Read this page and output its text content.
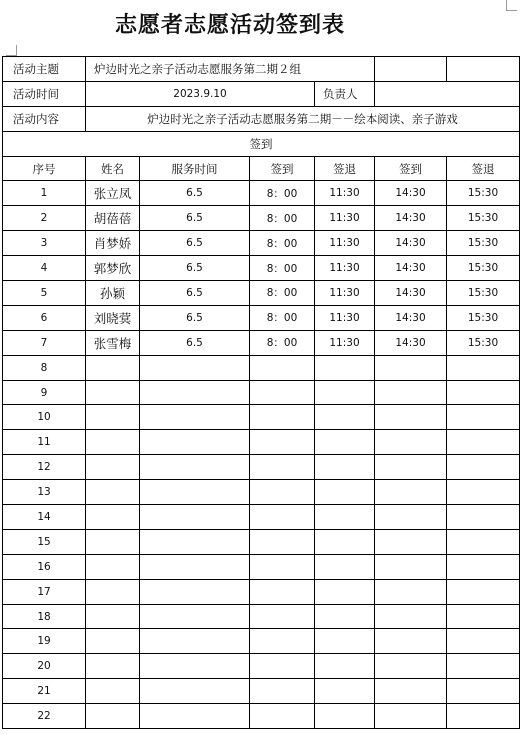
志愿者志愿活动签到表
活动主题	炉边时光之亲子活动志愿服务第二期２组					
活动时间	2023.9.10			负责人		
活动内容	炉边时光之亲子活动志愿服务第二期－－绘本阅读、亲子游戏					
签到						
序号	姓名	服务时间	签到	签退	签到	签退
1	张立凤	6.5	8：00	11:30	14:30	15:30
2	胡蓓蓓	6.5	8：00	11:30	14:30	15:30
3	肖梦娇	6.5	8：00	11:30	14:30	15:30
4	郭梦欣	6.5	8：00	11:30	14:30	15:30
5	孙颖	6.5	8：00	11:30	14:30	15:30
6	刘晓蓂	6.5	8：00	11:30	14:30	15:30
7	张雪梅	6.5	8：00	11:30	14:30	15:30
8						
9						
10						
11						
12						
13						
14						
15						
16						
17						
18						
19						
20						
21						
22						
